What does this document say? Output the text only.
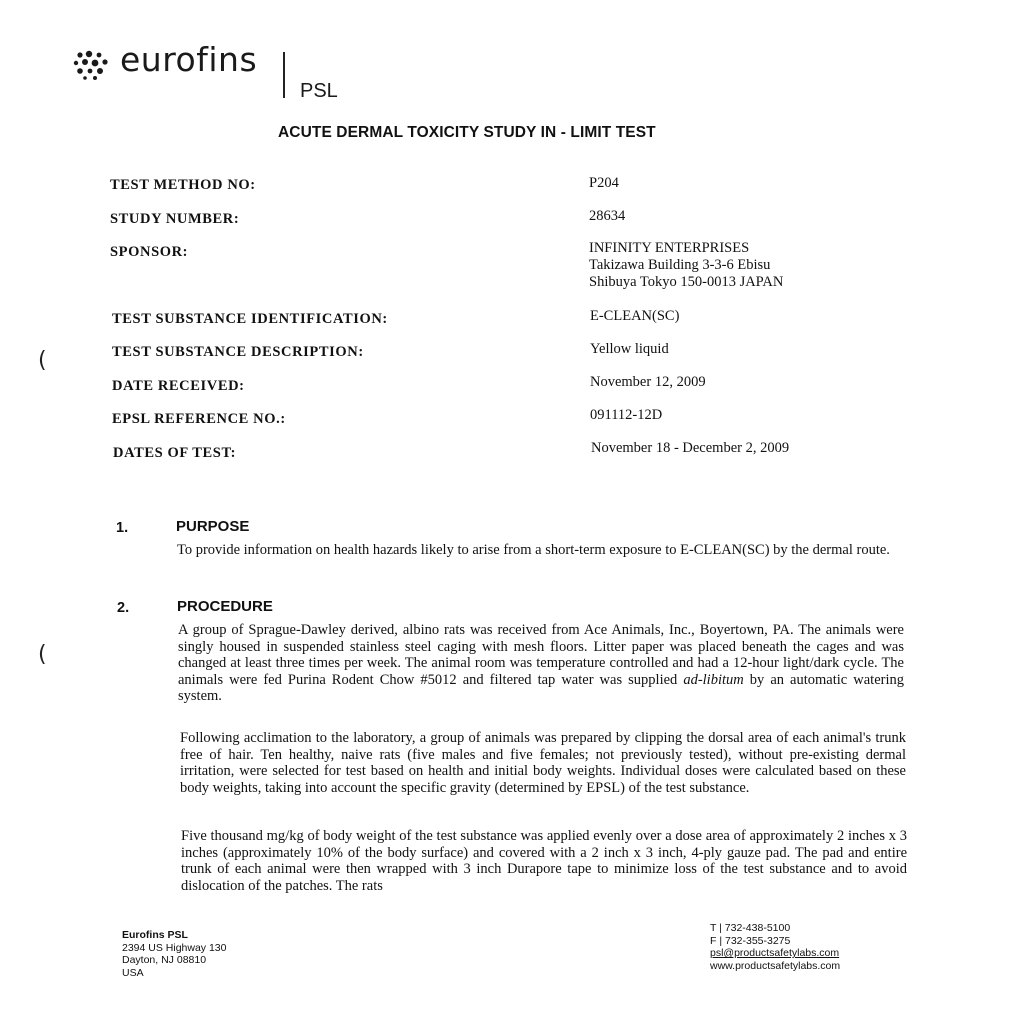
eurofins
PSL
ACUTE DERMAL TOXICITY STUDY IN - LIMIT TEST
TEST METHOD NO:	P204
STUDY NUMBER:	28634
SPONSOR:	INFINITY ENTERPRISES
Takizawa Building 3-3-6 Ebisu
Shibuya Tokyo 150-0013 JAPAN
TEST SUBSTANCE IDENTIFICATION:	E-CLEAN(SC)
(	TEST SUBSTANCE DESCRIPTION:	Yellow liquid
DATE RECEIVED:	November 12, 2009
EPSL REFERENCE NO.:	091112-12D
DATES OF TEST:	November 18 - December 2, 2009
1.	PURPOSE
To provide information on health hazards likely to arise from a short-term exposure to E-CLEAN(SC) by the dermal route.
2.	PROCEDURE
(
A group of Sprague-Dawley derived, albino rats was received from Ace Animals, Inc., Boyertown, PA. The animals were singly housed in suspended stainless steel caging with mesh floors. Litter paper was placed beneath the cages and was changed at least three times per week. The animal room was temperature controlled and had a 12-hour light/dark cycle. The animals were fed Purina Rodent Chow #5012 and filtered tap water was supplied ad-libitum by an automatic watering system.
Following acclimation to the laboratory, a group of animals was prepared by clipping the dorsal area of each animal's trunk free of hair. Ten healthy, naive rats (five males and five females; not previously tested), without pre-existing dermal irritation, were selected for test based on health and initial body weights. Individual doses were calculated based on these body weights, taking into account the specific gravity (determined by EPSL) of the test substance.
Five thousand mg/kg of body weight of the test substance was applied evenly over a dose area of approximately 2 inches x 3 inches (approximately 10% of the body surface) and covered with a 2 inch x 3 inch, 4-ply gauze pad. The pad and entire trunk of each animal were then wrapped with 3 inch Durapore tape to minimize loss of the test substance and to avoid dislocation of the patches. The rats
Eurofins PSL
2394 US Highway 130
Dayton, NJ 08810
USA
T | 732-438-5100
F | 732-355-3275
psl@productsafetylabs.com
www.productsafetylabs.com
